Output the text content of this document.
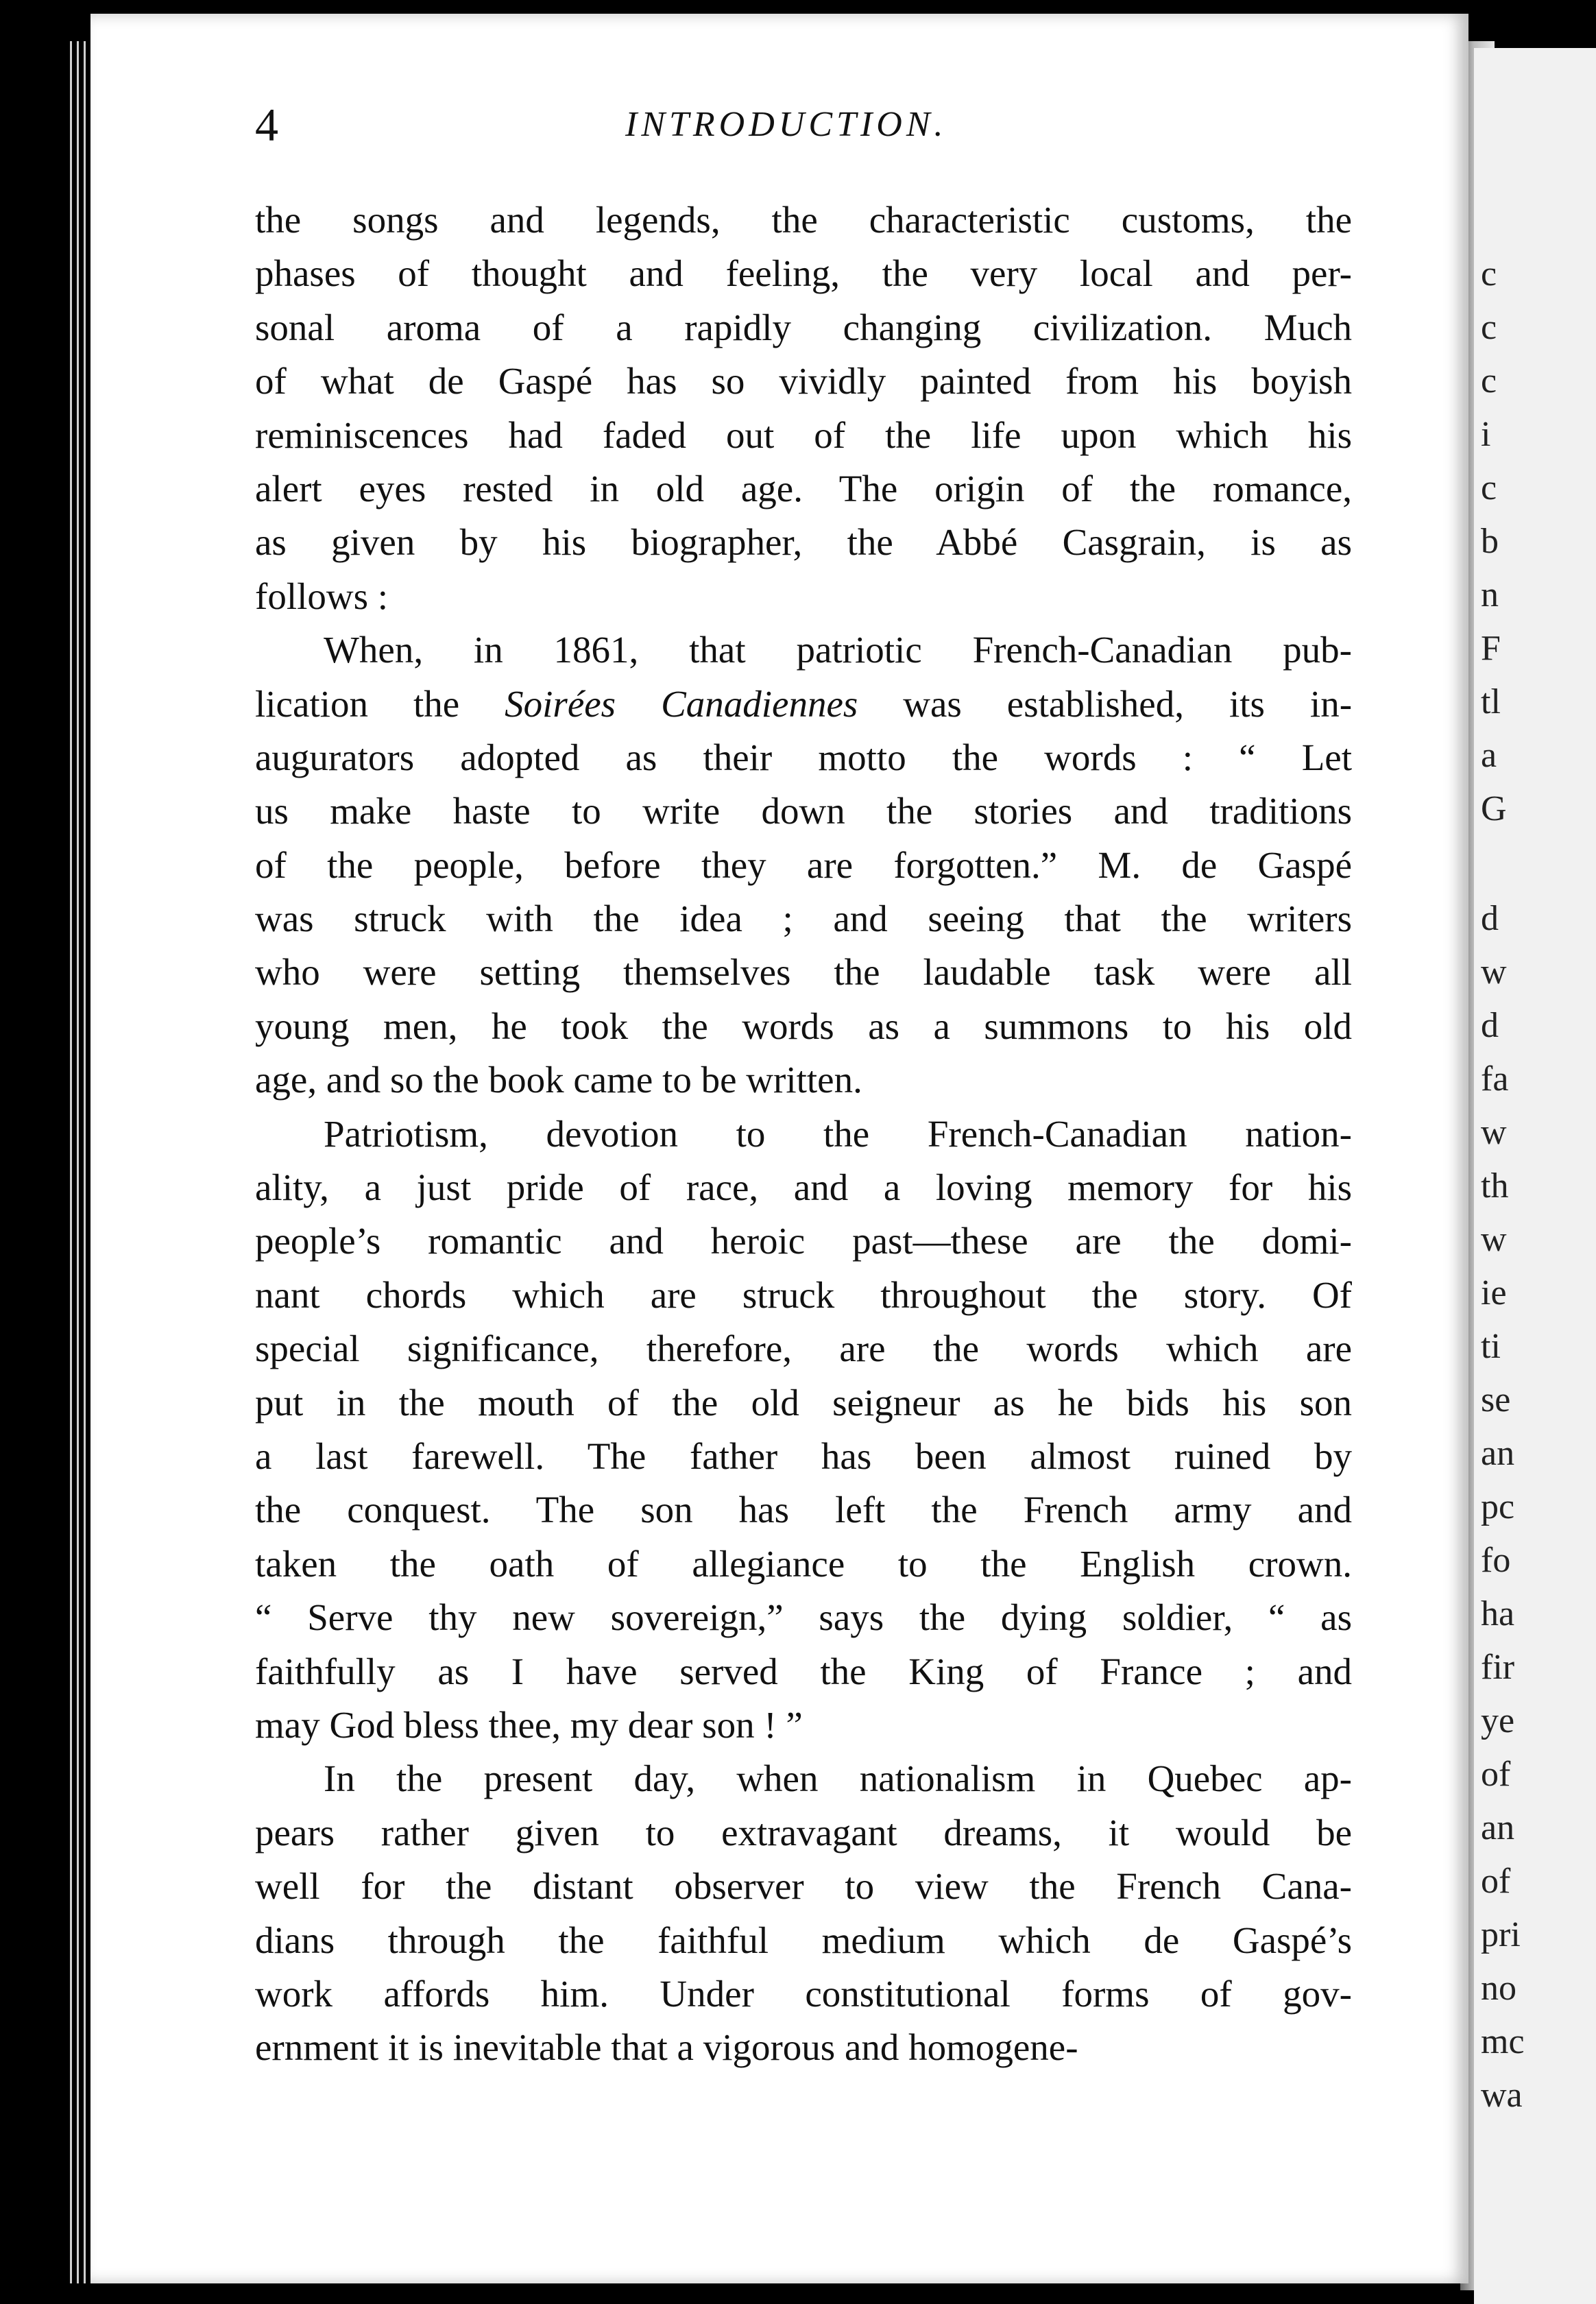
c
c
c
i
c
b
n
F
tl
a
G
d
w
d
fa
w
th
w
ie
ti
se
an
pc
fo
ha
fir
ye
of
an
of
pri
no
mc
wa
4	INTRODUCTION.
the songs and legends, the characteristic customs, the
phases of thought and feeling, the very local and per-
sonal aroma of a rapidly changing civilization. Much
of what de Gaspé has so vividly painted from his boyish
reminiscences had faded out of the life upon which his
alert eyes rested in old age. The origin of the romance,
as given by his biographer, the Abbé Casgrain, is as
follows :
When, in 1861, that patriotic French-Canadian pub-
lication the Soirées Canadiennes was established, its in-
augurators adopted as their motto the words : “ Let
us make haste to write down the stories and traditions
of the people, before they are forgotten.” M. de Gaspé
was struck with the idea ; and seeing that the writers
who were setting themselves the laudable task were all
young men, he took the words as a summons to his old
age, and so the book came to be written.
Patriotism, devotion to the French-Canadian nation-
ality, a just pride of race, and a loving memory for his
people’s romantic and heroic past—these are the domi-
nant chords which are struck throughout the story. Of
special significance, therefore, are the words which are
put in the mouth of the old seigneur as he bids his son
a last farewell. The father has been almost ruined by
the conquest. The son has left the French army and
taken the oath of allegiance to the English crown.
“ Serve thy new sovereign,” says the dying soldier, “ as
faithfully as I have served the King of France ; and
may God bless thee, my dear son ! ”
In the present day, when nationalism in Quebec ap-
pears rather given to extravagant dreams, it would be
well for the distant observer to view the French Cana-
dians through the faithful medium which de Gaspé’s
work affords him. Under constitutional forms of gov-
ernment it is inevitable that a vigorous and homogene-
